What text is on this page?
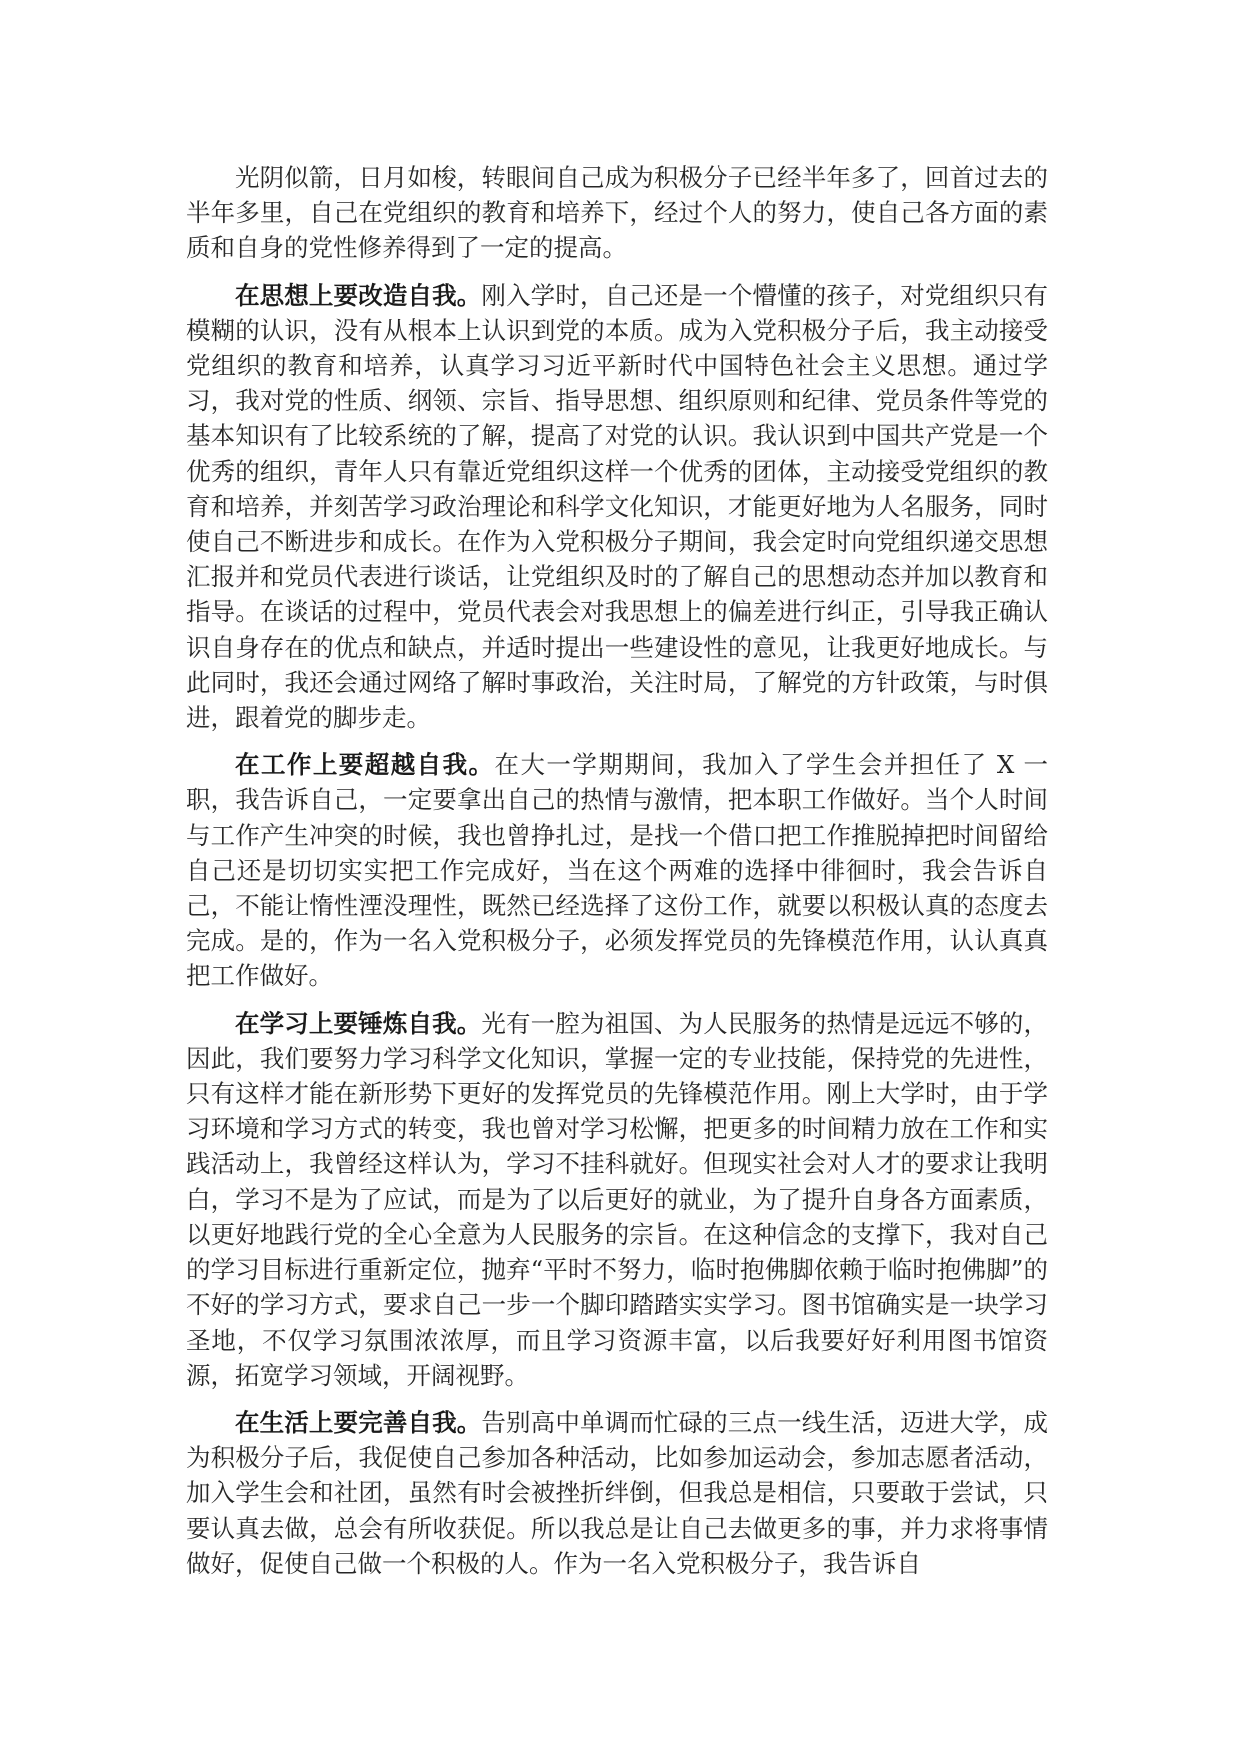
光阴似箭，日月如梭，转眼间自己成为积极分子已经半年多了，回首过去的半年多里，自己在党组织的教育和培养下，经过个人的努力，使自己各方面的素质和自身的党性修养得到了一定的提高。

在思想上要改造自我。刚入学时，自己还是一个懵懂的孩子，对党组织只有模糊的认识，没有从根本上认识到党的本质。成为入党积极分子后，我主动接受党组织的教育和培养，认真学习习近平新时代中国特色社会主义思想。通过学习，我对党的性质、纲领、宗旨、指导思想、组织原则和纪律、党员条件等党的基本知识有了比较系统的了解，提高了对党的认识。我认识到中国共产党是一个优秀的组织，青年人只有靠近党组织这样一个优秀的团体，主动接受党组织的教育和培养，并刻苦学习政治理论和科学文化知识，才能更好地为人名服务，同时使自己不断进步和成长。在作为入党积极分子期间，我会定时向党组织递交思想汇报并和党员代表进行谈话，让党组织及时的了解自己的思想动态并加以教育和指导。在谈话的过程中，党员代表会对我思想上的偏差进行纠正，引导我正确认识自身存在的优点和缺点，并适时提出一些建设性的意见，让我更好地成长。与此同时，我还会通过网络了解时事政治，关注时局，了解党的方针政策，与时俱进，跟着党的脚步走。

在工作上要超越自我。在大一学期期间，我加入了学生会并担任了 X 一职，我告诉自己，一定要拿出自己的热情与激情，把本职工作做好。当个人时间与工作产生冲突的时候，我也曾挣扎过，是找一个借口把工作推脱掉把时间留给自己还是切切实实把工作完成好，当在这个两难的选择中徘徊时，我会告诉自己，不能让惰性湮没理性，既然已经选择了这份工作，就要以积极认真的态度去完成。是的，作为一名入党积极分子，必须发挥党员的先锋模范作用，认认真真把工作做好。

在学习上要锤炼自我。光有一腔为祖国、为人民服务的热情是远远不够的，因此，我们要努力学习科学文化知识，掌握一定的专业技能，保持党的先进性，只有这样才能在新形势下更好的发挥党员的先锋模范作用。刚上大学时，由于学习环境和学习方式的转变，我也曾对学习松懈，把更多的时间精力放在工作和实践活动上，我曾经这样认为，学习不挂科就好。但现实社会对人才的要求让我明白，学习不是为了应试，而是为了以后更好的就业，为了提升自身各方面素质，以更好地践行党的全心全意为人民服务的宗旨。在这种信念的支撑下，我对自己的学习目标进行重新定位，抛弃“平时不努力，临时抱佛脚依赖于临时抱佛脚”的不好的学习方式，要求自己一步一个脚印踏踏实实学习。图书馆确实是一块学习圣地，不仅学习氛围浓浓厚，而且学习资源丰富，以后我要好好利用图书馆资源，拓宽学习领域，开阔视野。

在生活上要完善自我。告别高中单调而忙碌的三点一线生活，迈进大学，成为积极分子后，我促使自己参加各种活动，比如参加运动会，参加志愿者活动，加入学生会和社团，虽然有时会被挫折绊倒，但我总是相信，只要敢于尝试，只要认真去做，总会有所收获促。所以我总是让自己去做更多的事，并力求将事情做好，促使自己做一个积极的人。作为一名入党积极分子，我告诉自
